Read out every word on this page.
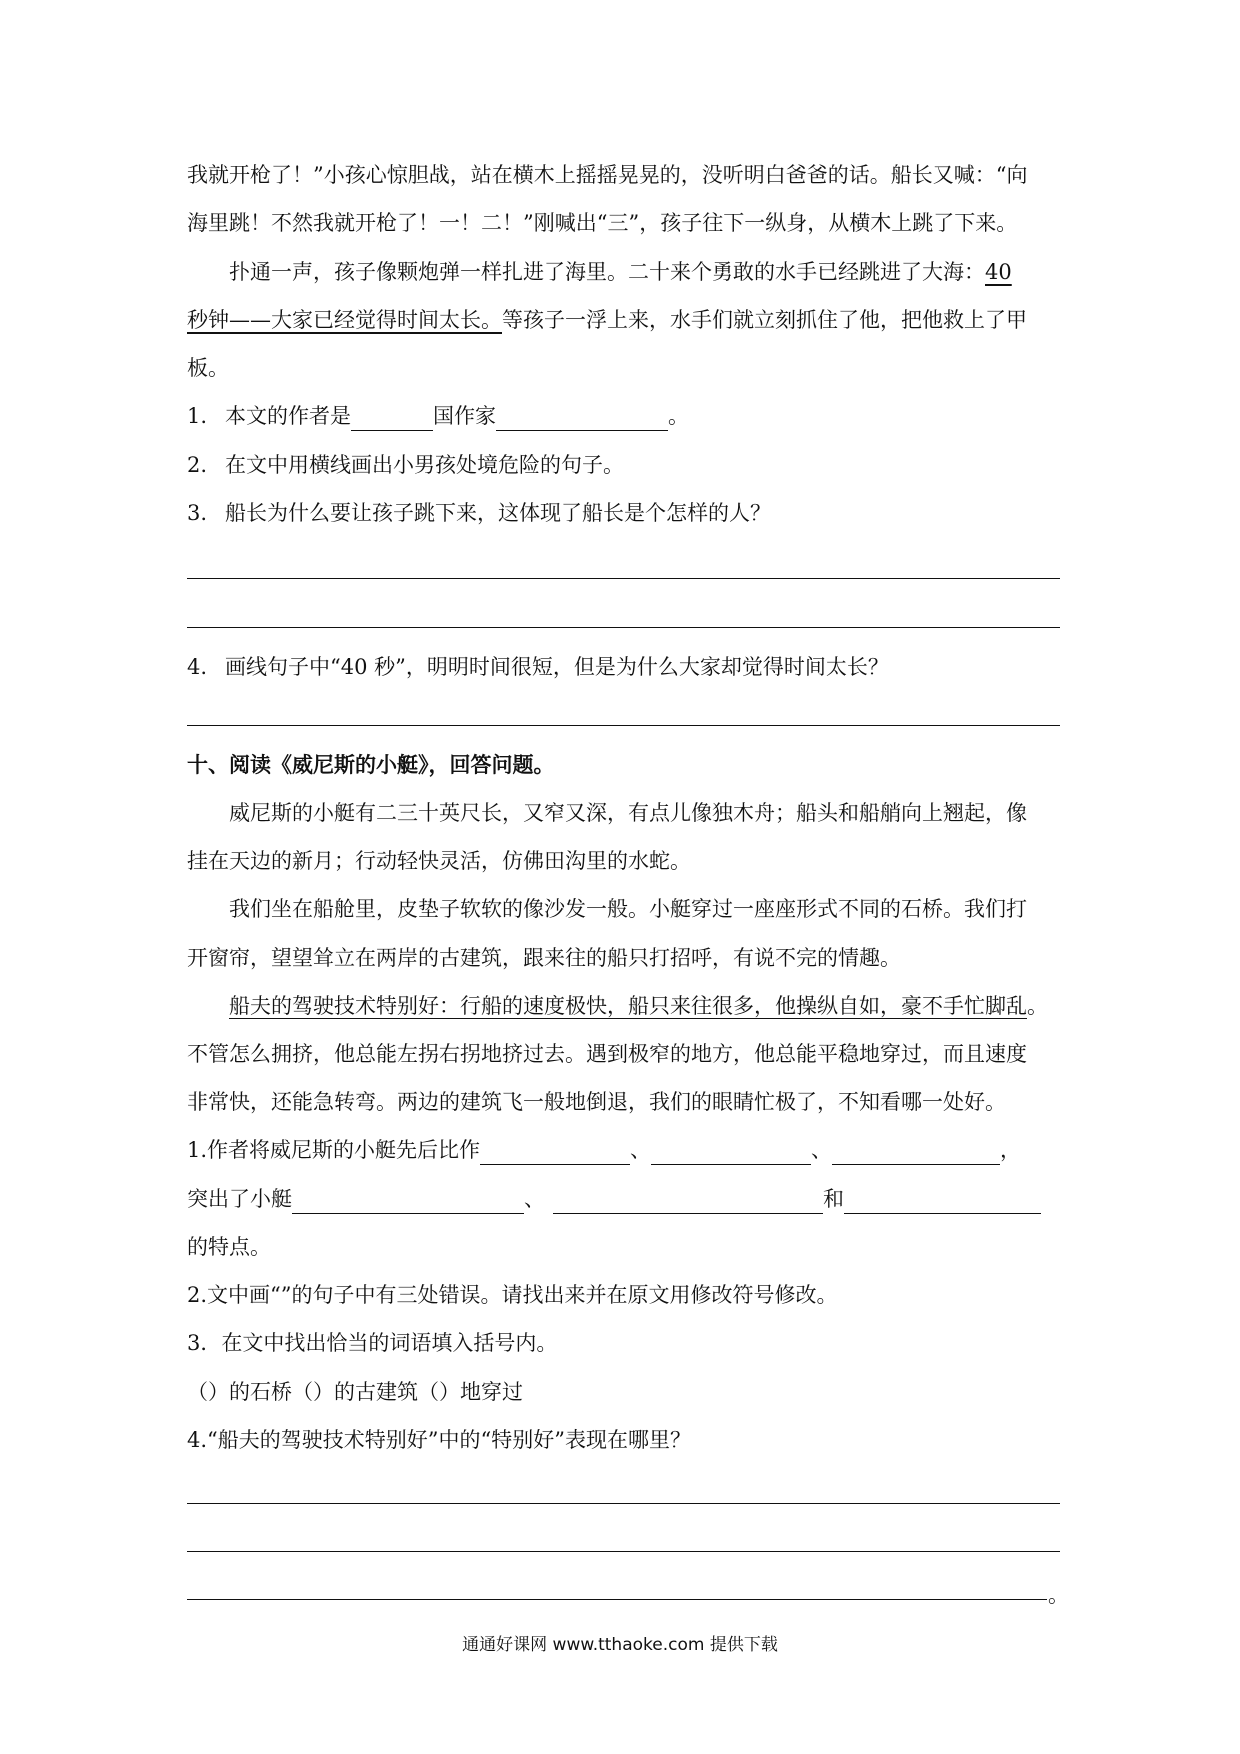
我就开枪了！”小孩心惊胆战，站在横木上摇摇晃晃的，没听明白爸爸的话。船长又喊：“向
海里跳！不然我就开枪了！一！二！”刚喊出“三”，孩子往下一纵身，从横木上跳了下来。
扑通一声，孩子像颗炮弹一样扎进了海里。二十来个勇敢的水手已经跳进了大海：40
秒钟——大家已经觉得时间太长。等孩子一浮上来，水手们就立刻抓住了他，把他救上了甲
板。
1. 本文的作者是	国作家	。
2. 在文中用横线画出小男孩处境危险的句子。
3. 船长为什么要让孩子跳下来，这体现了船长是个怎样的人？
4. 画线句子中“40 秒”，明明时间很短，但是为什么大家却觉得时间太长？
十、阅读《威尼斯的小艇》，回答问题。
威尼斯的小艇有二三十英尺长，又窄又深，有点儿像独木舟；船头和船艄向上翘起，像
挂在天边的新月；行动轻快灵活，仿佛田沟里的水蛇。
我们坐在船舱里，皮垫子软软的像沙发一般。小艇穿过一座座形式不同的石桥。我们打
开窗帘，望望耸立在两岸的古建筑，跟来往的船只打招呼，有说不完的情趣。
船夫的驾驶技术特别好：行船的速度极快，船只来往很多，他操纵自如，豪不手忙脚乱。
不管怎么拥挤，他总能左拐右拐地挤过去。遇到极窄的地方，他总能平稳地穿过，而且速度
非常快，还能急转弯。两边的建筑飞一般地倒退，我们的眼睛忙极了，不知看哪一处好。
1.作者将威尼斯的小艇先后比作	、	、	，
突出了小艇	、	和
的特点。
2.文中画“”的句子中有三处错误。请找出来并在原文用修改符号修改。
3．在文中找出恰当的词语填入括号内。
（）的石桥（）的古建筑（）地穿过
4.“船夫的驾驶技术特别好”中的“特别好”表现在哪里？
。
通通好课网 www.tthaoke.com 提供下载
